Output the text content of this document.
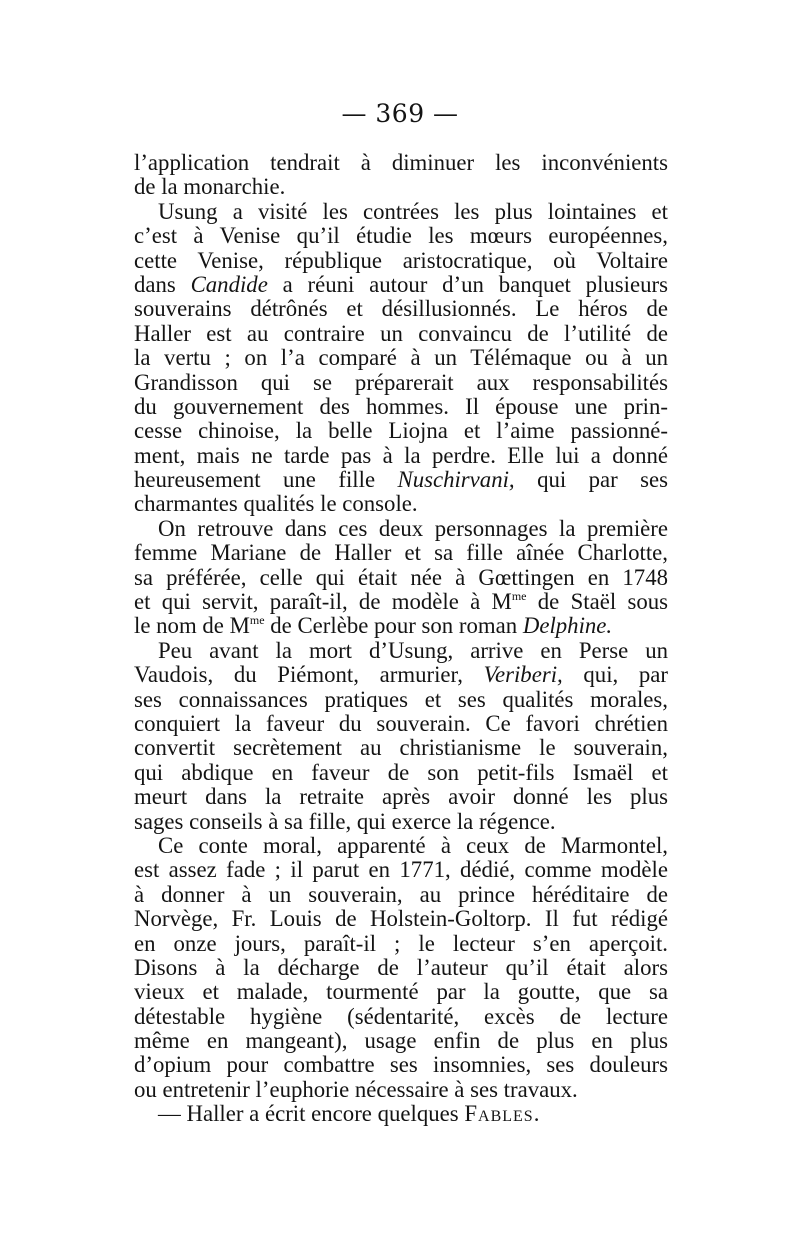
— 369 —
l’application tendrait à diminuer les inconvénients
de la monarchie.
Usung a visité les contrées les plus lointaines et
c’est à Venise qu’il étudie les mœurs européennes,
cette Venise, république aristocratique, où Voltaire
dans Candide a réuni autour d’un banquet plusieurs
souverains détrônés et désillusionnés. Le héros de
Haller est au contraire un convaincu de l’utilité de
la vertu ; on l’a comparé à un Télémaque ou à un
Grandisson qui se préparerait aux responsabilités
du gouvernement des hommes. Il épouse une prin-
cesse chinoise, la belle Liojna et l’aime passionné-
ment, mais ne tarde pas à la perdre. Elle lui a donné
heureusement une fille Nuschirvani, qui par ses
charmantes qualités le console.
On retrouve dans ces deux personnages la première
femme Mariane de Haller et sa fille aînée Charlotte,
sa préférée, celle qui était née à Gœttingen en 1748
et qui servit, paraît-il, de modèle à $M^{me}$ de Staël sous
le nom de $M^{me}$ de Cerlèbe pour son roman Delphine.
Peu avant la mort d’Usung, arrive en Perse un
Vaudois, du Piémont, armurier, Veriberi, qui, par
ses connaissances pratiques et ses qualités morales,
conquiert la faveur du souverain. Ce favori chrétien
convertit secrètement au christianisme le souverain,
qui abdique en faveur de son petit-fils Ismaël et
meurt dans la retraite après avoir donné les plus
sages conseils à sa fille, qui exerce la régence.
Ce conte moral, apparenté à ceux de Marmontel,
est assez fade ; il parut en 1771, dédié, comme modèle
à donner à un souverain, au prince héréditaire de
Norvège, Fr. Louis de Holstein-Goltorp. Il fut rédigé
en onze jours, paraît-il ; le lecteur s’en aperçoit.
Disons à la décharge de l’auteur qu’il était alors
vieux et malade, tourmenté par la goutte, que sa
détestable hygiène (sédentarité, excès de lecture
même en mangeant), usage enfin de plus en plus
d’opium pour combattre ses insomnies, ses douleurs
ou entretenir l’euphorie nécessaire à ses travaux.
— Haller a écrit encore quelques Fables.
